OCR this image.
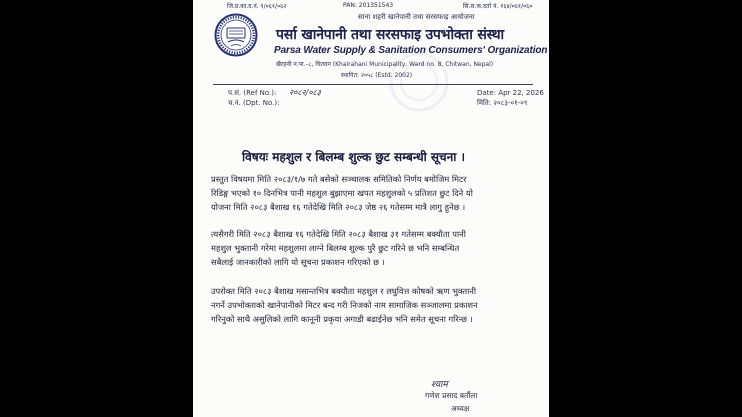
जि.प्र.का.द.नं. १/०६१/०६२	PAN: 201351543	सि.स.क.दर्ता नं. १६४/०६१/०६०
साना शहरी खानेपानी तथा सरसफाइ आयोजना
पर्सा खानेपानी तथा सरसफाइ उपभोक्ता संस्था
Parsa Water Supply & Sanitation Consumers' Organization
खैरहनी न.पा.–८, चितवन (Khairahani Municipality, Ward no. 8, Chitwan, Nepal)
स्थापित: २०५८ (Estd. 2002)
प.सं. (Ref No.): २०८२/०८३
च.नं. (Dpt. No.):
Date: Apr 22, 2026
मिति: २०८३-०१-०९
विषयः महशुल र बिलम्ब शुल्क छुट सम्बन्धी सूचना ।
प्रस्तुत विषयमा मिति २०८३/१/७ गते बसेको सञ्चालक समितिको निर्णय बमोजिम मिटर
रिडिङ्ग भएको १० दिनभित्र पानी महशुल बुझाएमा खपत महशुलको ५ प्रतिशत छुट दिने यो
योजना मिति २०८३ बैशाख १६ गतेदेखि मिति २०८३ जेष्ठ २६ गतेसम्म मात्रै लागु हुनेछ ।
त्यसैगरी मिति २०८३ बैशाख १६ गतेदेखि मिति २०८३ बैशाख ३१ गतेसम्म बक्यौता पानी
महशुल भुक्तानी गरेमा महशुलमा लाग्ने बिलम्ब शुल्क पुरै छुट गरिने छ भनि सम्बन्धित
सबैलाई जानकारीको लागि यो सूचना प्रकाशन गरिएको छ ।
उपरोक्त मिति २०८३ बैशाख मसान्तभित्र बक्यौता महशुल र लघुवित्त कोषको ऋण भुक्तानी
नगर्ने उपभोक्ताको खानेपानीको मिटर बन्द गरी निजको नाम सामाजिक सञ्जालमा प्रकाशन
गरिनुको साथै असुलिको लागि कानूनी प्रकृया अगाडी बढाईनेछ भनि समेत सूचना गरिन्छ ।
श्याम
गणेश प्रसाद बर्तौला
अध्यक्ष
